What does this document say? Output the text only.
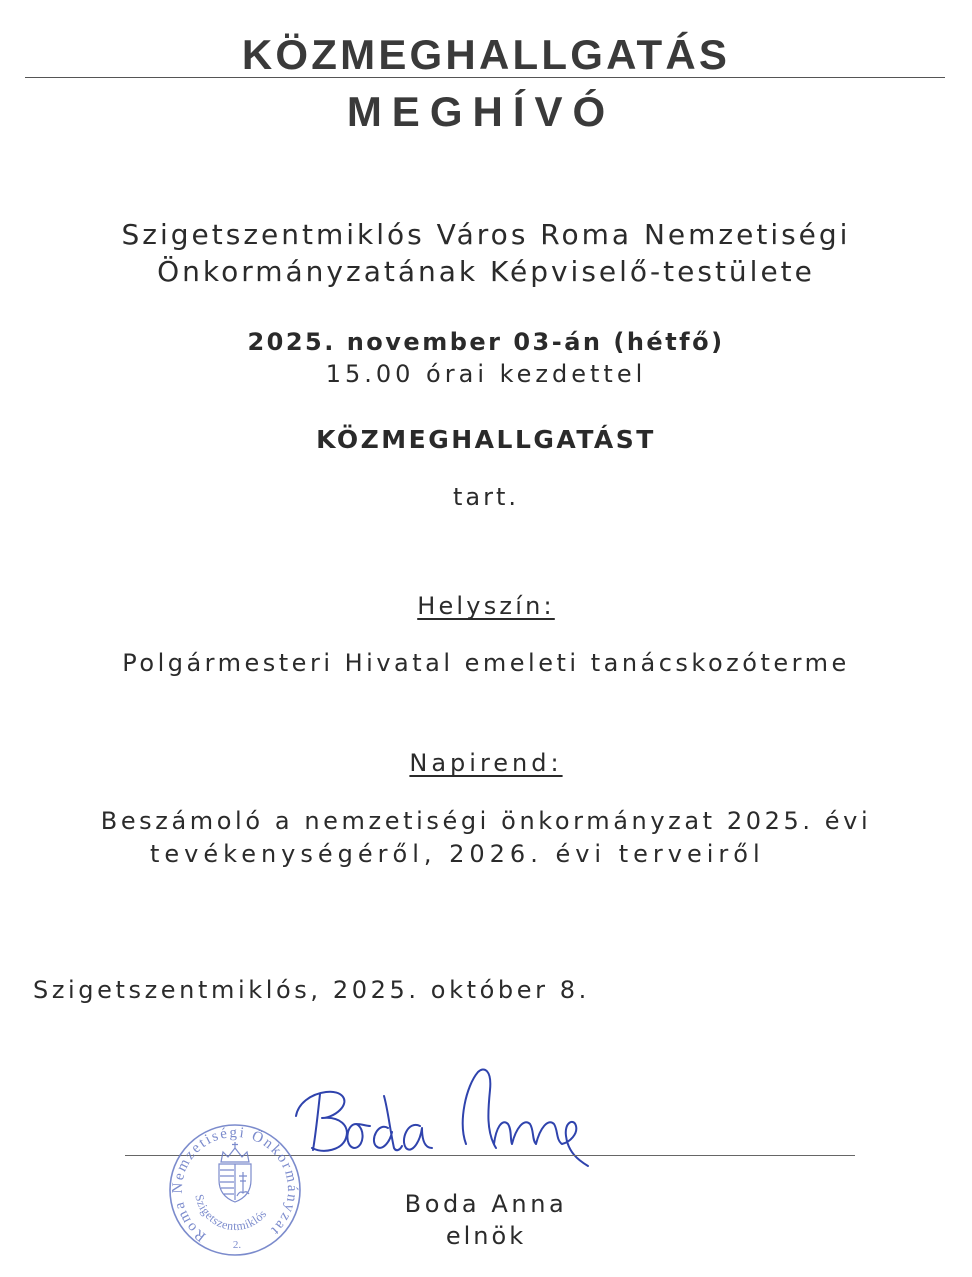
KÖZMEGHALLGATÁS
MEGHÍVÓ
Szigetszentmiklós Város Roma Nemzetiségi
Önkormányzatának Képviselő-testülete
2025. november 03-án (hétfő)
15.00 órai kezdettel
KÖZMEGHALLGATÁST
tart.
Helyszín:
Polgármesteri Hivatal emeleti tanácskozóterme
Napirend:
Beszámoló a nemzetiségi önkormányzat 2025. évi
tevékenységéről, 2026. évi terveiről
Szigetszentmiklós, 2025. október 8.
Roma Nemzetiségi Önkormányzat
Szigetszentmiklós
2.
Boda Anna
elnök
